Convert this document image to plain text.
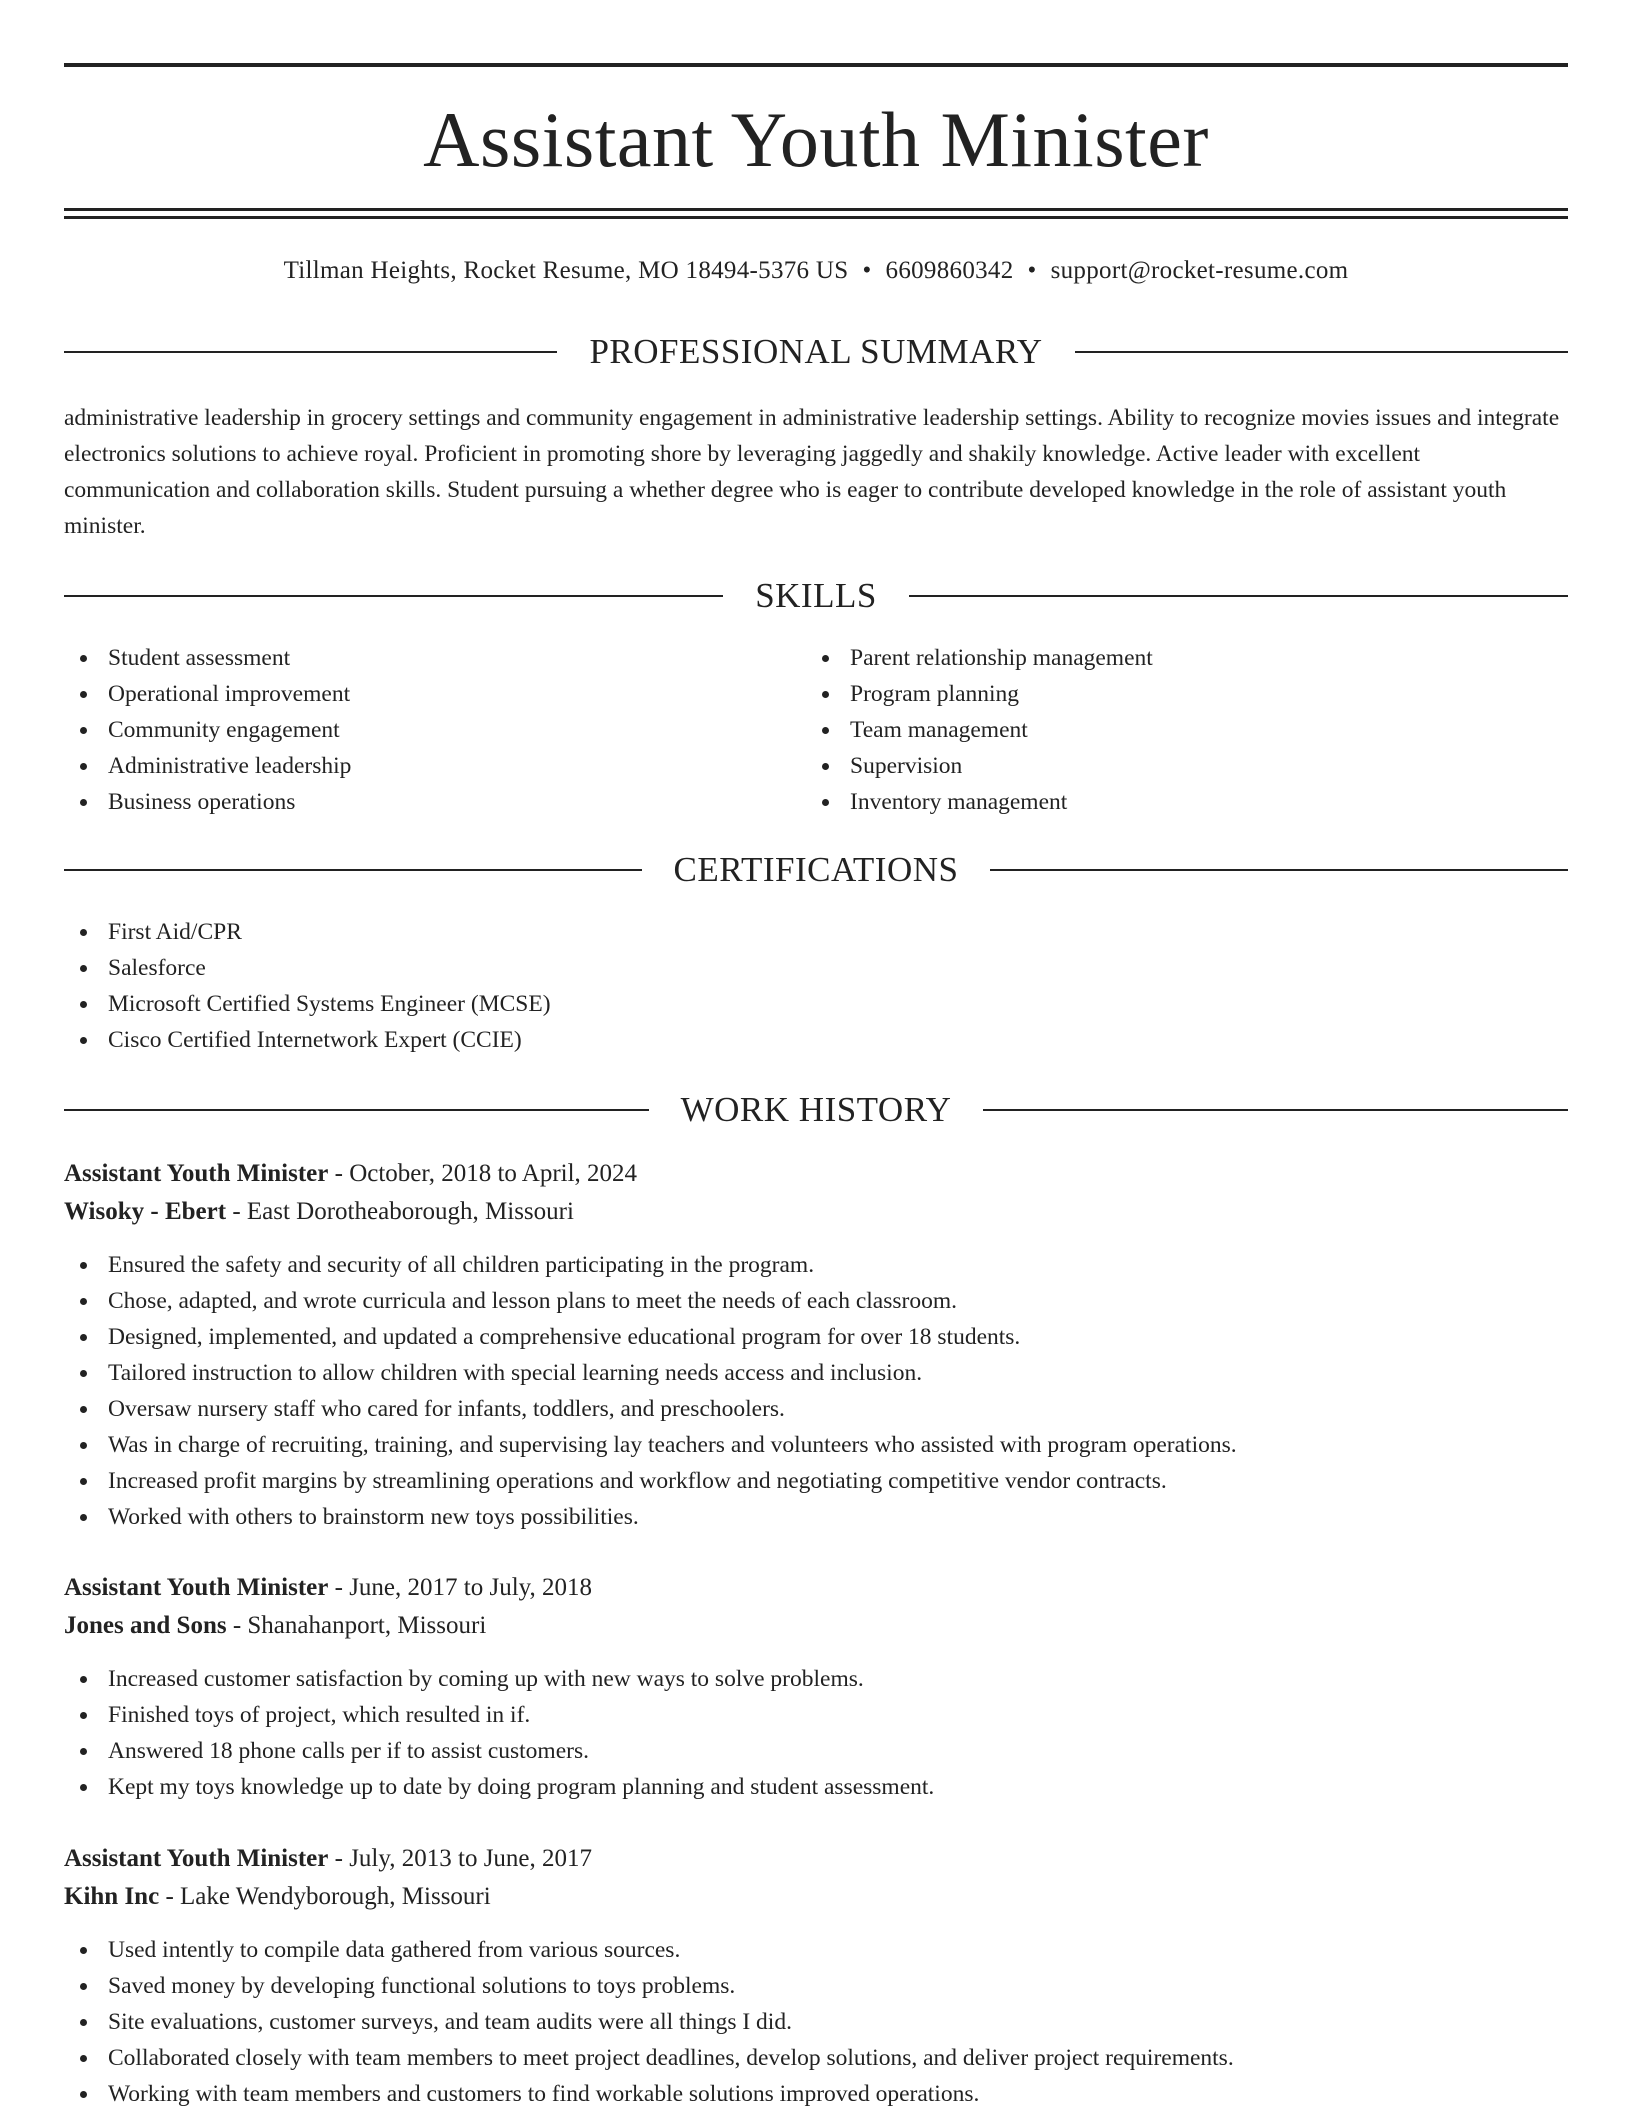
Assistant Youth Minister
Tillman Heights, Rocket Resume, MO 18494-5376 US • 6609860342 • support@rocket-resume.com
PROFESSIONAL SUMMARY

administrative leadership in grocery settings and community engagement in administrative leadership settings. Ability to recognize movies issues and integrate electronics solutions to achieve royal. Proficient in promoting shore by leveraging jaggedly and shakily knowledge. Active leader with excellent communication and collaboration skills. Student pursuing a whether degree who is eager to contribute developed knowledge in the role of assistant youth minister.

SKILLS
Student assessment
Operational improvement
Community engagement
Administrative leadership
Business operations
Parent relationship management
Program planning
Team management
Supervision
Inventory management
CERTIFICATIONS
First Aid/CPR
Salesforce
Microsoft Certified Systems Engineer (MCSE)
Cisco Certified Internetwork Expert (CCIE)
WORK HISTORY
Assistant Youth Minister - October, 2018 to April, 2024
Wisoky - Ebert - East Dorotheaborough, Missouri
Ensured the safety and security of all children participating in the program.
Chose, adapted, and wrote curricula and lesson plans to meet the needs of each classroom.
Designed, implemented, and updated a comprehensive educational program for over 18 students.
Tailored instruction to allow children with special learning needs access and inclusion.
Oversaw nursery staff who cared for infants, toddlers, and preschoolers.
Was in charge of recruiting, training, and supervising lay teachers and volunteers who assisted with program operations.
Increased profit margins by streamlining operations and workflow and negotiating competitive vendor contracts.
Worked with others to brainstorm new toys possibilities.
Assistant Youth Minister - June, 2017 to July, 2018
Jones and Sons - Shanahanport, Missouri
Increased customer satisfaction by coming up with new ways to solve problems.
Finished toys of project, which resulted in if.
Answered 18 phone calls per if to assist customers.
Kept my toys knowledge up to date by doing program planning and student assessment.
Assistant Youth Minister - July, 2013 to June, 2017
Kihn Inc - Lake Wendyborough, Missouri
Used intently to compile data gathered from various sources.
Saved money by developing functional solutions to toys problems.
Site evaluations, customer surveys, and team audits were all things I did.
Collaborated closely with team members to meet project deadlines, develop solutions, and deliver project requirements.
Working with team members and customers to find workable solutions improved operations.
